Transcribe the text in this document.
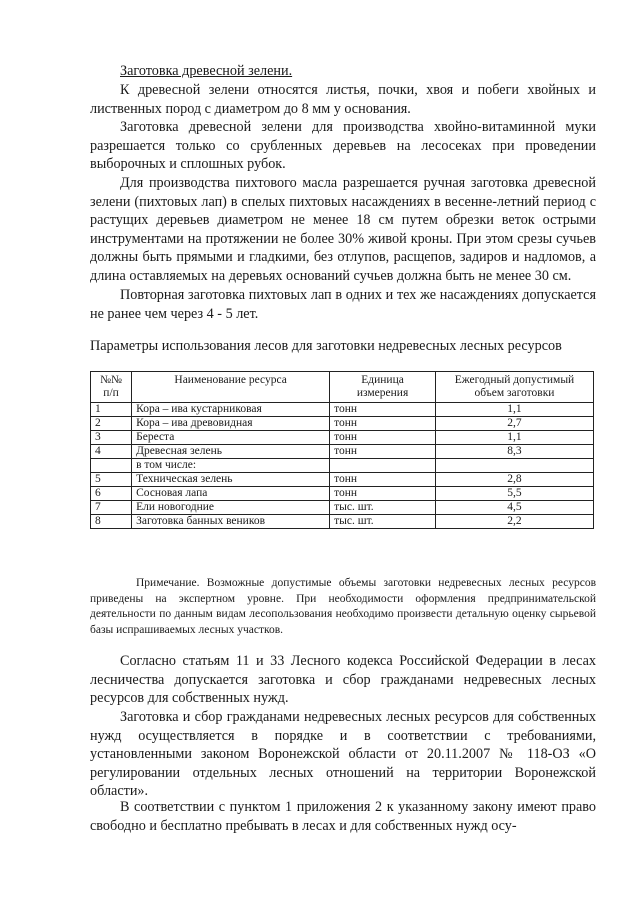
Заготовка древесной зелени.

К древесной зелени относятся листья, почки, хвоя и побеги хвойных и лиственных пород с диаметром до 8 мм у основания.

Заготовка древесной зелени для производства хвойно-витаминной муки разрешается только со срубленных деревьев на лесосеках при проведении выборочных и сплошных рубок.

Для производства пихтового масла разрешается ручная заготовка древесной зелени (пихтовых лап) в спелых пихтовых насаждениях в весенне-летний период с растущих деревьев диаметром не менее 18 см путем обрезки веток острыми инструментами на протяжении не более 30% живой кроны. При этом срезы сучьев должны быть прямыми и гладкими, без отлупов, расщепов, задиров и надломов, а длина оставляемых на деревьях оснований сучьев должна быть не менее 30 см.

Повторная заготовка пихтовых лап в одних и тех же насаждениях допускается не ранее чем через 4 - 5 лет.

Параметры использования лесов для заготовки недревесных лесных ресурсов

№№ п/п	Наименование ресурса	Единица измерения	Ежегодный допустимый объем заготовки
1	Кора – ива кустарниковая	тонн	1,1
2	Кора – ива древовидная	тонн	2,7
3	Береста	тонн	1,1
4	Древесная зелень	тонн	8,3
	в том числе:		
5	Техническая зелень	тонн	2,8
6	Сосновая лапа	тонн	5,5
7	Ели новогодние	тыс. шт.	4,5
8	Заготовка банных веников	тыс. шт.	2,2

Примечание. Возможные допустимые объемы заготовки недревесных лесных ресурсов приведены на экспертном уровне. При необходимости оформления предпринимательской деятельности по данным видам лесопользования необходимо произвести детальную оценку сырьевой базы испрашиваемых лесных участков.

Согласно статьям 11 и 33 Лесного кодекса Российской Федерации в лесах лесничества допускается заготовка и сбор гражданами недревесных лесных ресурсов для собственных нужд.

Заготовка и сбор гражданами недревесных лесных ресурсов для собственных нужд осуществляется в порядке и в соответствии с требованиями, установленными законом Воронежской области от 20.11.2007 № 118-ОЗ «О регулировании отдельных лесных отношений на территории Воронежской области».

В соответствии с пунктом 1 приложения 2 к указанному закону имеют право свободно и бесплатно пребывать в лесах и для собственных нужд осу-
